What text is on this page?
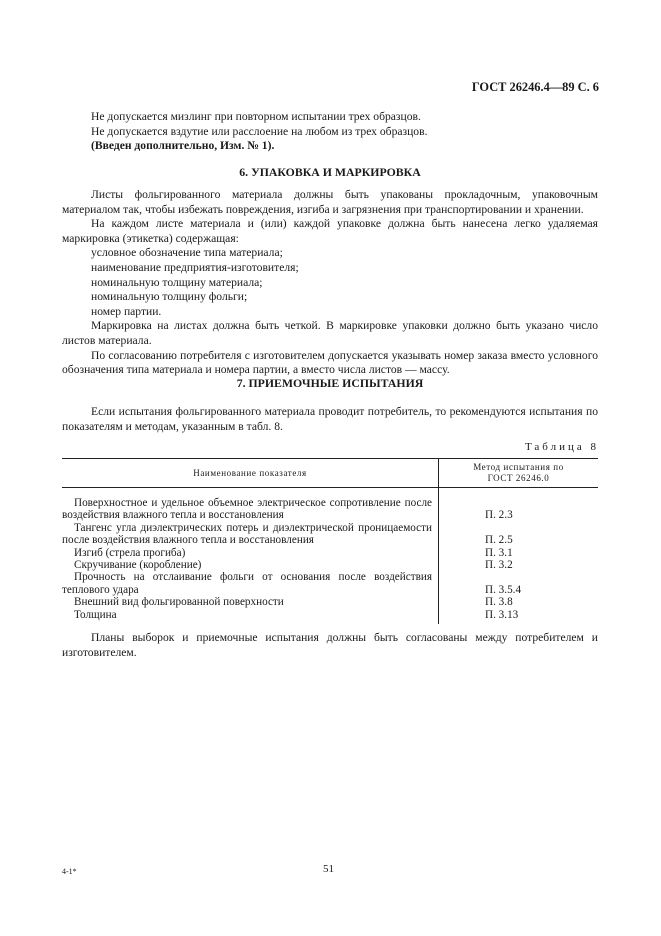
ГОСТ 26246.4—89 С. 6
Не допускается мизлинг при повторном испытании трех образцов.
Не допускается вздутие или расслоение на любом из трех образцов.
(Введен дополнительно, Изм. № 1).
6. УПАКОВКА И МАРКИРОВКА
Листы фольгированного материала должны быть упакованы прокладочным, упаковочным материалом так, чтобы избежать повреждения, изгиба и загрязнения при транспортировании и хранении.
На каждом листе материала и (или) каждой упаковке должна быть нанесена легко удаляемая маркировка (этикетка) содержащая:
условное обозначение типа материала;
наименование предприятия-изготовителя;
номинальную толщину материала;
номинальную толщину фольги;
номер партии.
Маркировка на листах должна быть четкой. В маркировке упаковки должно быть указано число листов материала.
По согласованию потребителя с изготовителем допускается указывать номер заказа вместо условного обозначения типа материала и номера партии, а вместо числа листов — массу.
7. ПРИЕМОЧНЫЕ ИСПЫТАНИЯ
Если испытания фольгированного материала проводит потребитель, то рекомендуются испытания по показателям и методам, указанным в табл. 8.
Таблица 8
Наименование показателя	Метод испытания по
ГОСТ 26246.0

Поверхностное и удельное объемное электрическое сопротивление после воздействия влажного тепла и восстановления	П. 2.3

Тангенс угла диэлектрических потерь и диэлектрической проницаемости после воздействия влажного тепла и восстановления	П. 2.5

Изгиб (стрела прогиба)	П. 3.1

Скручивание (коробление)	П. 3.2

Прочность на отслаивание фольги от основания после воздействия теплового удара	П. 3.5.4

Внешний вид фольгированной поверхности	П. 3.8

Толщина	П. 3.13
Планы выборок и приемочные испытания должны быть согласованы между потребителем и изготовителем.
4-1*	51
